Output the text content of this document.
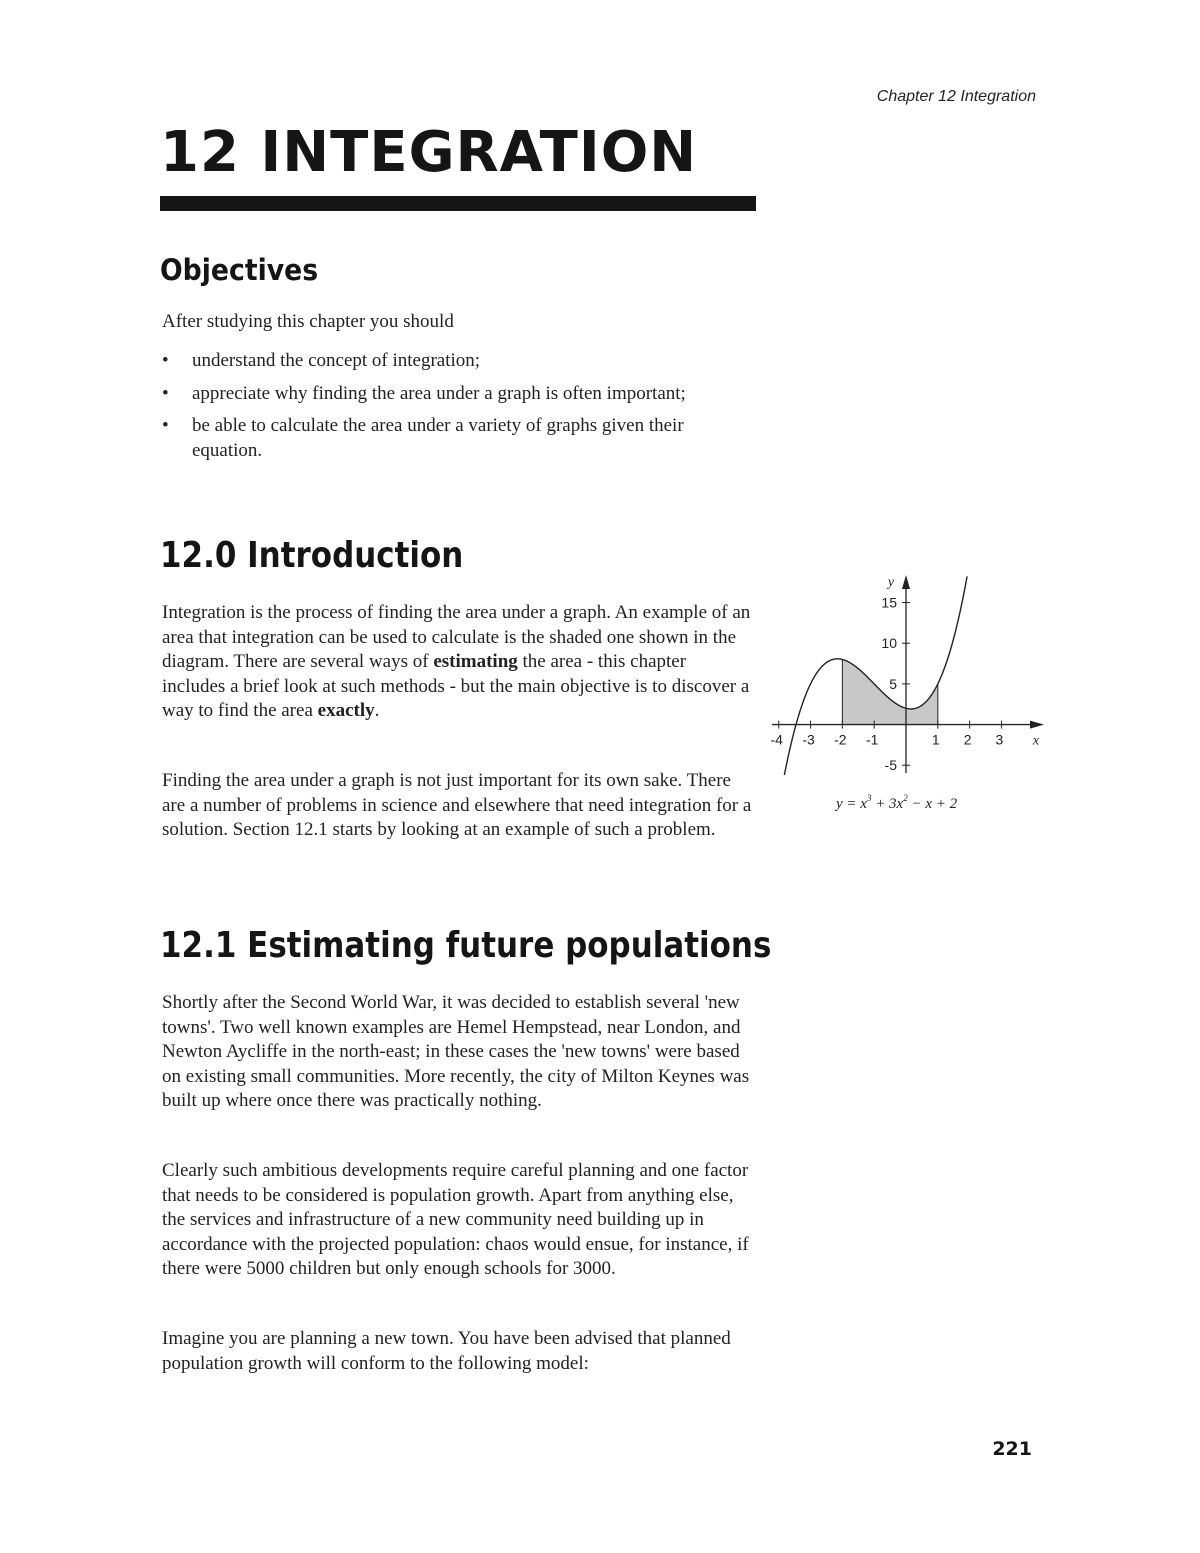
Chapter 12 Integration
12 INTEGRATION
Objectives

After studying this chapter you should

• understand the concept of integration;
• appreciate why finding the area under a graph is often important;
• be able to calculate the area under a variety of graphs given their equation.
12.0 Introduction

Integration is the process of finding the area under a graph. An example of an area that integration can be used to calculate is the shaded one shown in the diagram. There are several ways of estimating the area - this chapter includes a brief look at such methods - but the main objective is to discover a way to find the area exactly.

Finding the area under a graph is not just important for its own sake. There are a number of problems in science and elsewhere that need integration for a solution. Section 12.1 starts by looking at an example of such a problem.

-4 -3 -2 -1	1 2 3
-5
5
10
15
x
y
$y = x^3 + 3x^2 - x + 2$
12.1 Estimating future populations

Shortly after the Second World War, it was decided to establish several 'new towns'. Two well known examples are Hemel Hempstead, near London, and Newton Aycliffe in the north-east; in these cases the 'new towns' were based on existing small communities. More recently, the city of Milton Keynes was built up where once there was practically nothing.

Clearly such ambitious developments require careful planning and one factor that needs to be considered is population growth. Apart from anything else, the services and infrastructure of a new community need building up in accordance with the projected population: chaos would ensue, for instance, if there were 5000 children but only enough schools for 3000.

Imagine you are planning a new town. You have been advised that planned population growth will conform to the following model:

221
